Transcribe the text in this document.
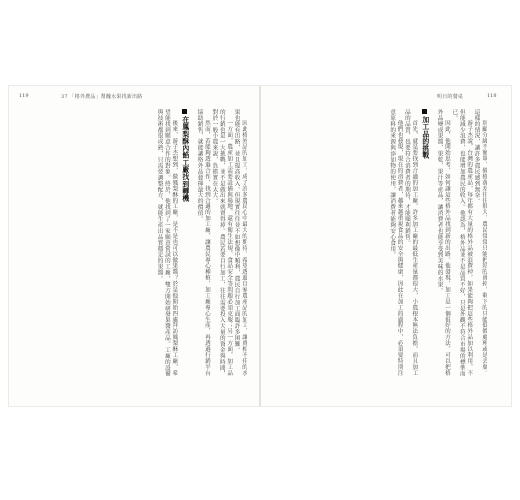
119	37 「格外農品」幫醜水果找新出路

因此格外品的加工，成了許多農民心中最大的期待。希望透過自家農產品的加工，讓賣相不佳的水果也能有出路，並且提高收入。但現實往往並不如想像中順利，農民自行加工面臨許多困難。

一方面，農產加工需要設備與場地，還有衛生法規、食品安全等問題必須克服；另一方面，加工品的行銷也是一大挑戰，並不是做出來就賣得掉。農民若要自行加工，往往需要投入大量的資金與時間，對於一般小農來說，負擔實在太大。

然而，若能夠透過合作，找到合適的加工廠，讓農民專心種植，加工廠專心生產，再透過行銷平台協助銷售，就能讓格外品發揮最大的價值。

在鳳梨酥內餡工廠找到轉機

後來，游子杰想到，做鳳梨酥的工廠，是不是也可以做果醬？於是他開始四處拜訪鳳梨酥工廠，希望能找到願意合作的對象。終於，他找到了一家願意嘗試的工廠，雙方開始研發果醬產品。工廠的設備與技術都很成熟，只需要調整配方，就能生產出品質穩定的果醬。

明日的餐桌	118

別顧分級不簡單，價格落差往往很大，農民常常只能把好的賣掉，剩下的只能低價處理或是丟棄。這樣的情況，讓許多農民感到無奈。

游子杰說，台灣的農產品，每年都有大量的格外品被浪費掉，如果能夠把這些格外品加以利用，不但能減少浪費，也能增加農民的收入。他認為，格外品並不是品質不好，只是外觀不符合市場的標準而已。

因此，他開始思考，如何讓這些格外品找到新的出路。他發現，加工是一個很好的方法，可以把格外品變成果醬、果乾、果汁等產品，讓消費者也能享受到美味的水果。

加工品的挑戰

首先，就是要找到合適的加工廠。許多加工廠的最低生產量都很大，小農根本無法負擔。而且加工品的品質，也要符合消費者的期待，才能順利銷售。

他們也發現，現在的消費者，越來越重視食品的安全與健康，因此在加工的過程中，必須要特別注意原料的來源與添加物的使用，讓消費者能夠安心食用。
